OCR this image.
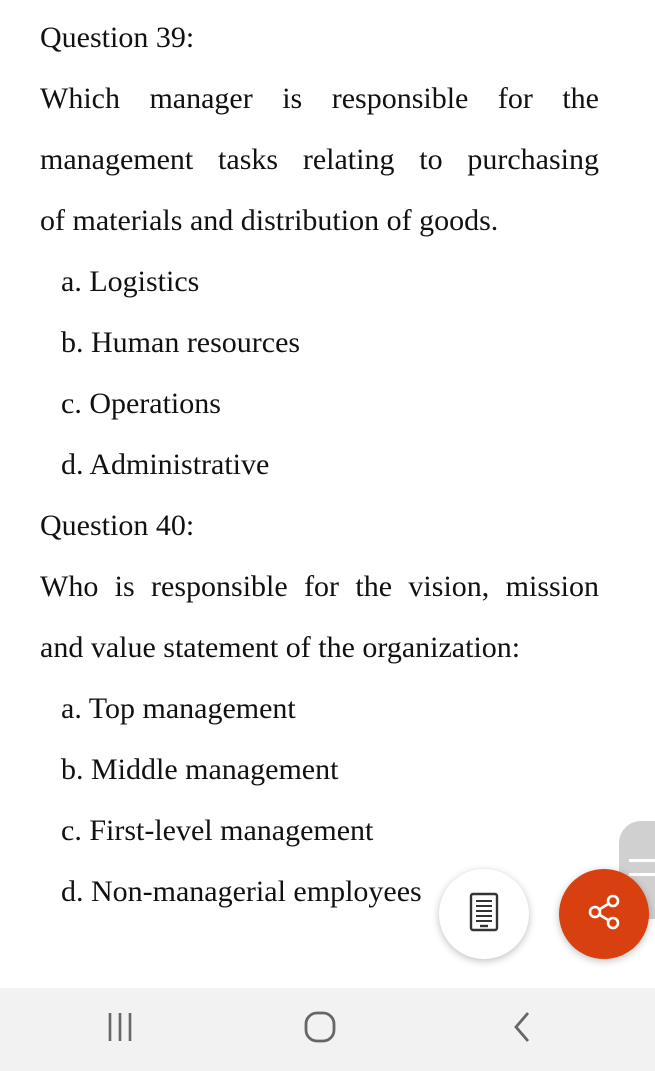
Question 39:
Which manager is responsible for the
management tasks relating to purchasing
of materials and distribution of goods.
a. Logistics
b. Human resources
c. Operations
d. Administrative
Question 40:
Who is responsible for the vision, mission
and value statement of the organization:
a. Top management
b. Middle management
c. First-level management
d. Non-managerial employees
